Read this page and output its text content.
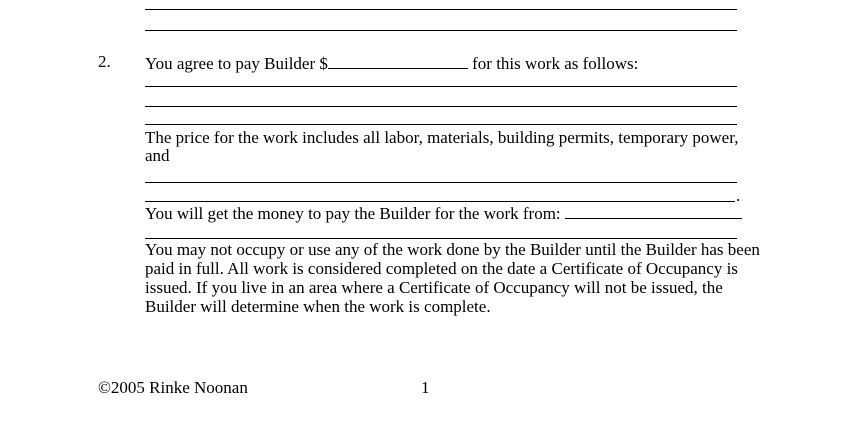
2. You agree to pay Builder $	for this work as follows:
The price for the work includes all labor, materials, building permits, temporary power,
and
.
You will get the money to pay the Builder for the work from:
You may not occupy or use any of the work done by the Builder until the Builder has been
paid in full. All work is considered completed on the date a Certificate of Occupancy is
issued. If you live in an area where a Certificate of Occupancy will not be issued, the
Builder will determine when the work is complete.
©2005 Rinke Noonan	1
